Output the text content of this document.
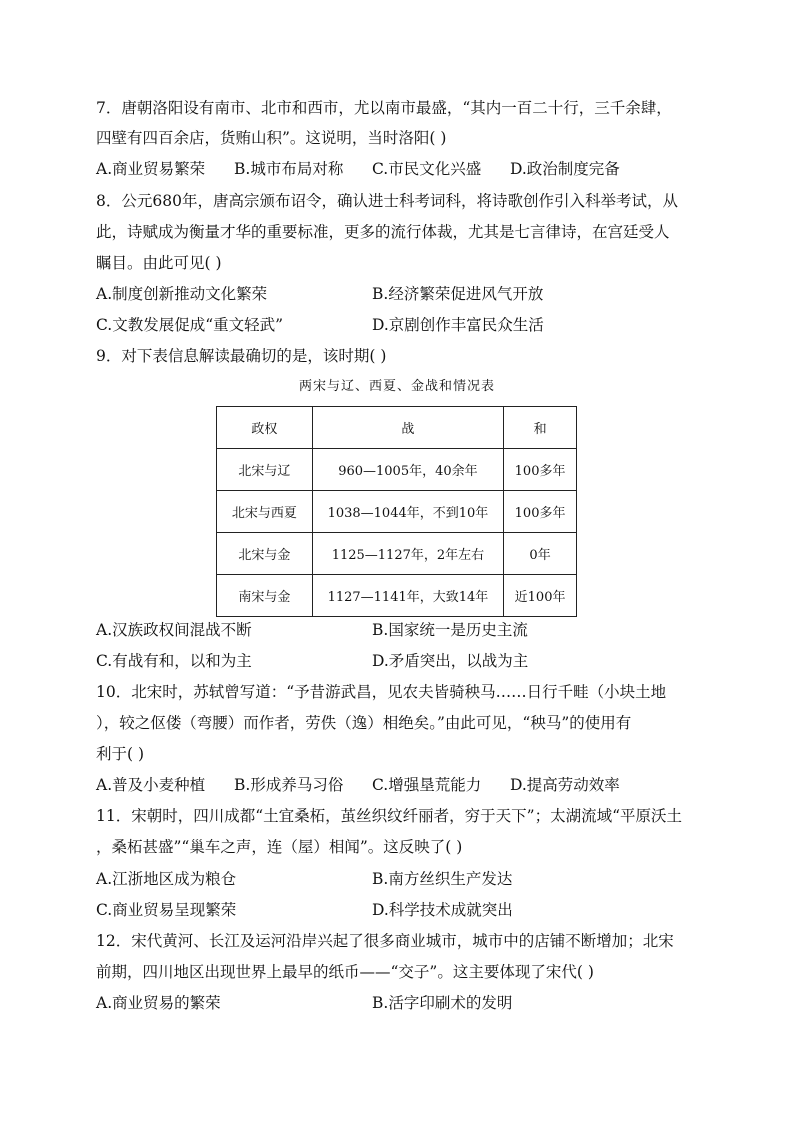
7．唐朝洛阳设有南市、北市和西市，尤以南市最盛，“其内一百二十行，三千余肆，
四壁有四百余店，货贿山积”。这说明，当时洛阳( )
A.商业贸易繁荣 B.城市布局对称 C.市民文化兴盛 D.政治制度完备
8．公元680年，唐高宗颁布诏令，确认进士科考词科，将诗歌创作引入科举考试，从
此，诗赋成为衡量才华的重要标准，更多的流行体裁，尤其是七言律诗，在宫廷受人
瞩目。由此可见( )
A.制度创新推动文化繁荣	B.经济繁荣促进风气开放
C.文教发展促成“重文轻武”	D.京剧创作丰富民众生活
9．对下表信息解读最确切的是，该时期( )
两宋与辽、西夏、金战和情况表
政权	战	和
北宋与辽	960—1005年，40余年	100多年
北宋与西夏	1038—1044年，不到10年	100多年
北宋与金	1125—1127年，2年左右	0年
南宋与金	1127—1141年，大致14年	近100年
A.汉族政权间混战不断	B.国家统一是历史主流
C.有战有和，以和为主	D.矛盾突出，以战为主
10．北宋时，苏轼曾写道：“予昔游武昌，见农夫皆骑秧马……日行千畦（小块土地
），较之伛偻（弯腰）而作者，劳佚（逸）相绝矣。”由此可见，“秧马”的使用有
利于( )
A.普及小麦种植 B.形成养马习俗 C.增强垦荒能力 D.提高劳动效率
11．宋朝时，四川成都“土宜桑柘，茧丝织纹纤丽者，穷于天下”；太湖流域“平原沃土
，桑柘甚盛”“巢车之声，连（屋）相闻”。这反映了( )
A.江浙地区成为粮仓	B.南方丝织生产发达
C.商业贸易呈现繁荣	D.科学技术成就突出
12．宋代黄河、长江及运河沿岸兴起了很多商业城市，城市中的店铺不断增加；北宋
前期，四川地区出现世界上最早的纸币——“交子”。这主要体现了宋代( )
A.商业贸易的繁荣	B.活字印刷术的发明
